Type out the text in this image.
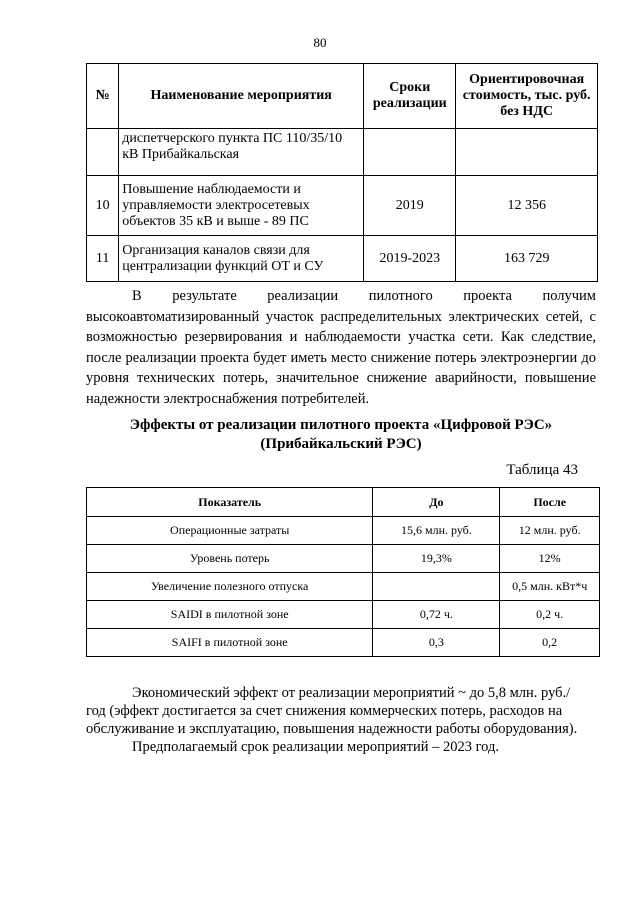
80
№	Наименование мероприятия	Сроки реализации	Ориентировочная стоимость, тыс. руб. без НДС
	диспетчерского пункта ПС 110/35/10 кВ Прибайкальская		
10	Повышение наблюдаемости и управляемости электросетевых объектов 35 кВ и выше - 89 ПС	2019	12 356
11	Организация каналов связи для централизации функций ОТ и СУ	2019-2023	163 729
В результате реализации пилотного проекта получим высокоавтоматизированный участок распределительных электрических сетей, с возможностью резервирования и наблюдаемости участка сети. Как следствие, после реализации проекта будет иметь место снижение потерь электроэнергии до уровня технических потерь, значительное снижение аварийности, повышение надежности электроснабжения потребителей.
Эффекты от реализации пилотного проекта «Цифровой РЭС»
(Прибайкальский РЭС)
Таблица 43
Показатель	До	После
Операционные затраты	15,6 млн. руб.	12 млн. руб.
Уровень потерь	19,3%	12%
Увеличение полезного отпуска		0,5 млн. кВт*ч
SAIDI в пилотной зоне	0,72 ч.	0,2 ч.
SAIFI в пилотной зоне	0,3	0,2
Экономический эффект от реализации мероприятий ~ до 5,8 млн. руб./год (эффект достигается за счет снижения коммерческих потерь, расходов на обслуживание и эксплуатацию, повышения надежности работы оборудования).
Предполагаемый срок реализации мероприятий – 2023 год.
